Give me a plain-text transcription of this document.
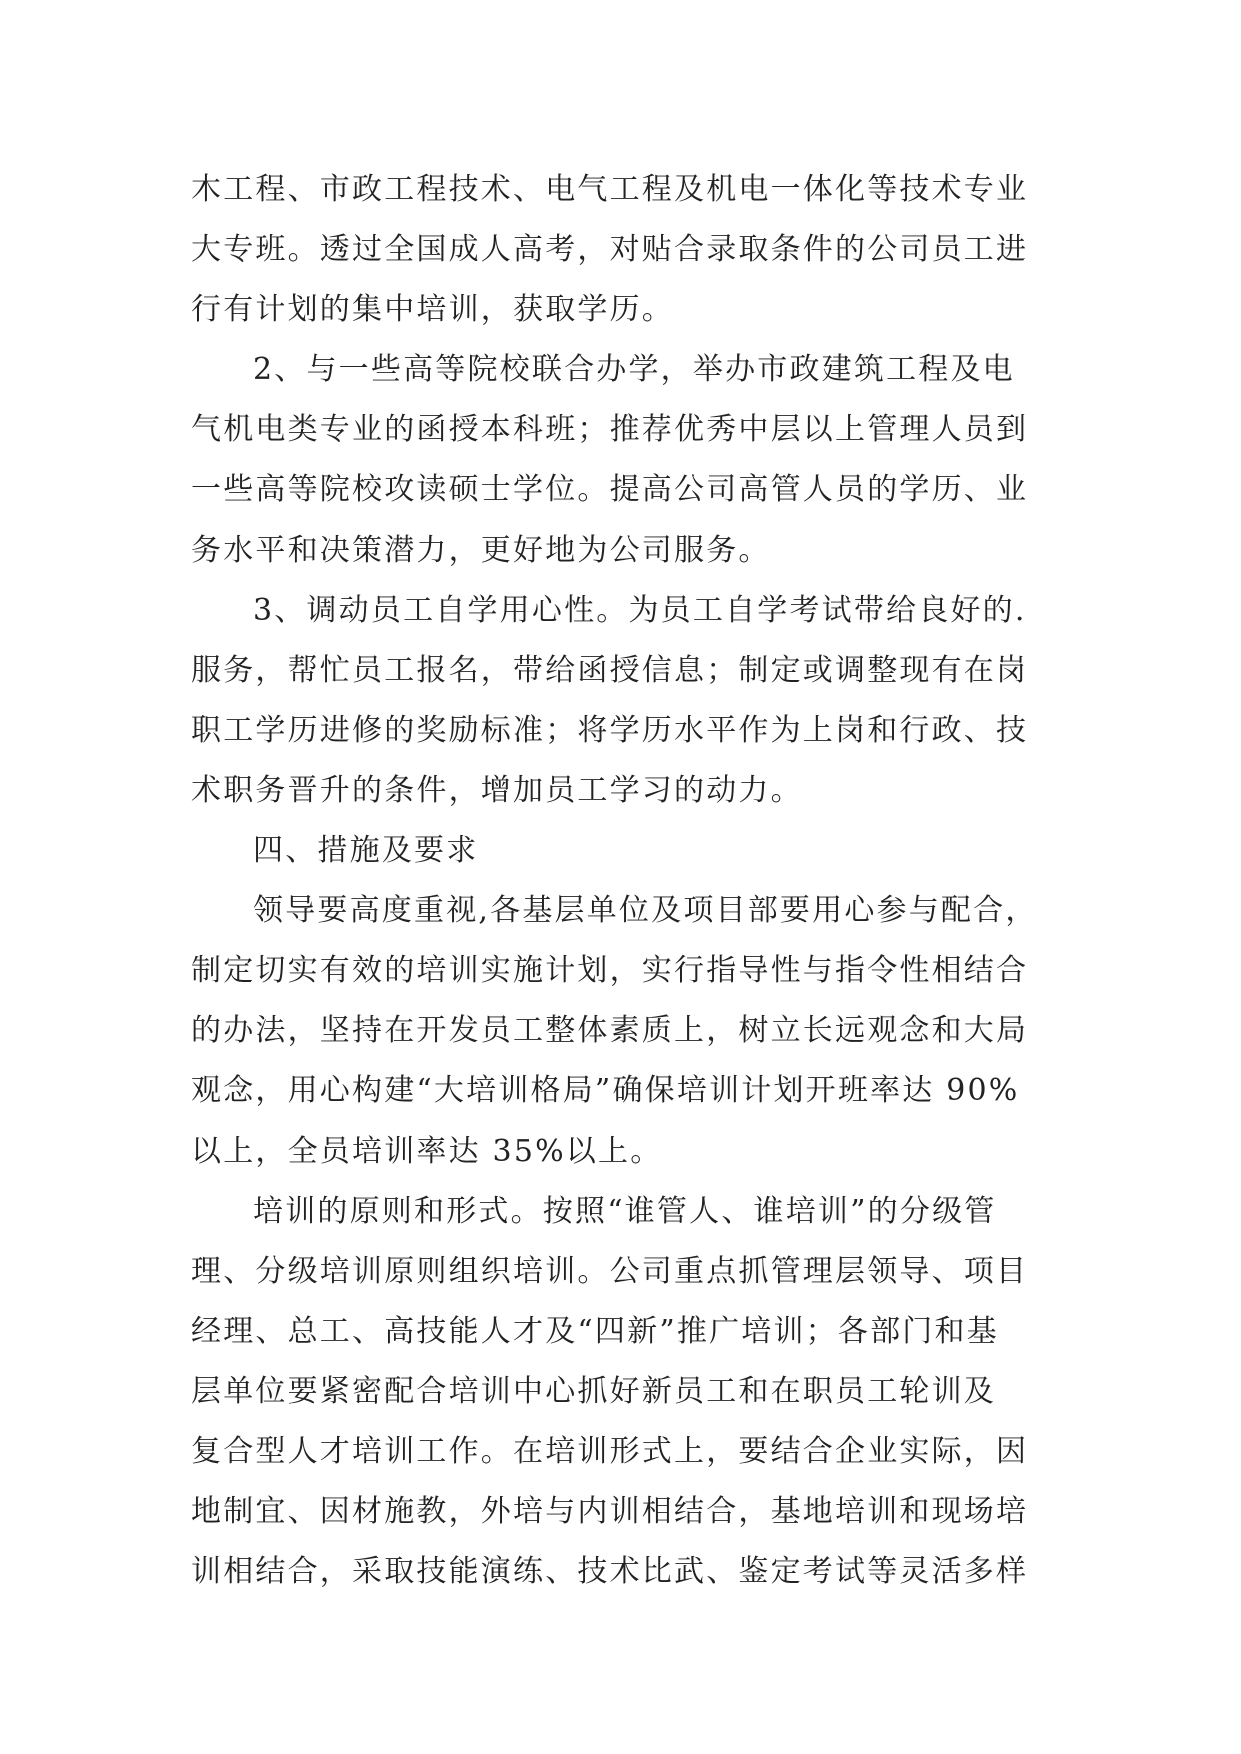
木工程、市政工程技术、电气工程及机电一体化等技术专业
大专班。透过全国成人高考，对贴合录取条件的公司员工进
行有计划的集中培训，获取学历。
2、与一些高等院校联合办学，举办市政建筑工程及电
气机电类专业的函授本科班；推荐优秀中层以上管理人员到
一些高等院校攻读硕士学位。提高公司高管人员的学历、业
务水平和决策潜力，更好地为公司服务。
3、调动员工自学用心性。为员工自学考试带给良好的.
服务，帮忙员工报名，带给函授信息；制定或调整现有在岗
职工学历进修的奖励标准；将学历水平作为上岗和行政、技
术职务晋升的条件，增加员工学习的动力。
四、措施及要求
领导要高度重视,各基层单位及项目部要用心参与配合，
制定切实有效的培训实施计划，实行指导性与指令性相结合
的办法，坚持在开发员工整体素质上，树立长远观念和大局
观念，用心构建“大培训格局”确保培训计划开班率达 90%
以上，全员培训率达 35%以上。
培训的原则和形式。按照“谁管人、谁培训”的分级管
理、分级培训原则组织培训。公司重点抓管理层领导、项目
经理、总工、高技能人才及“四新”推广培训；各部门和基
层单位要紧密配合培训中心抓好新员工和在职员工轮训及
复合型人才培训工作。在培训形式上，要结合企业实际，因
地制宜、因材施教，外培与内训相结合，基地培训和现场培
训相结合，采取技能演练、技术比武、鉴定考试等灵活多样
